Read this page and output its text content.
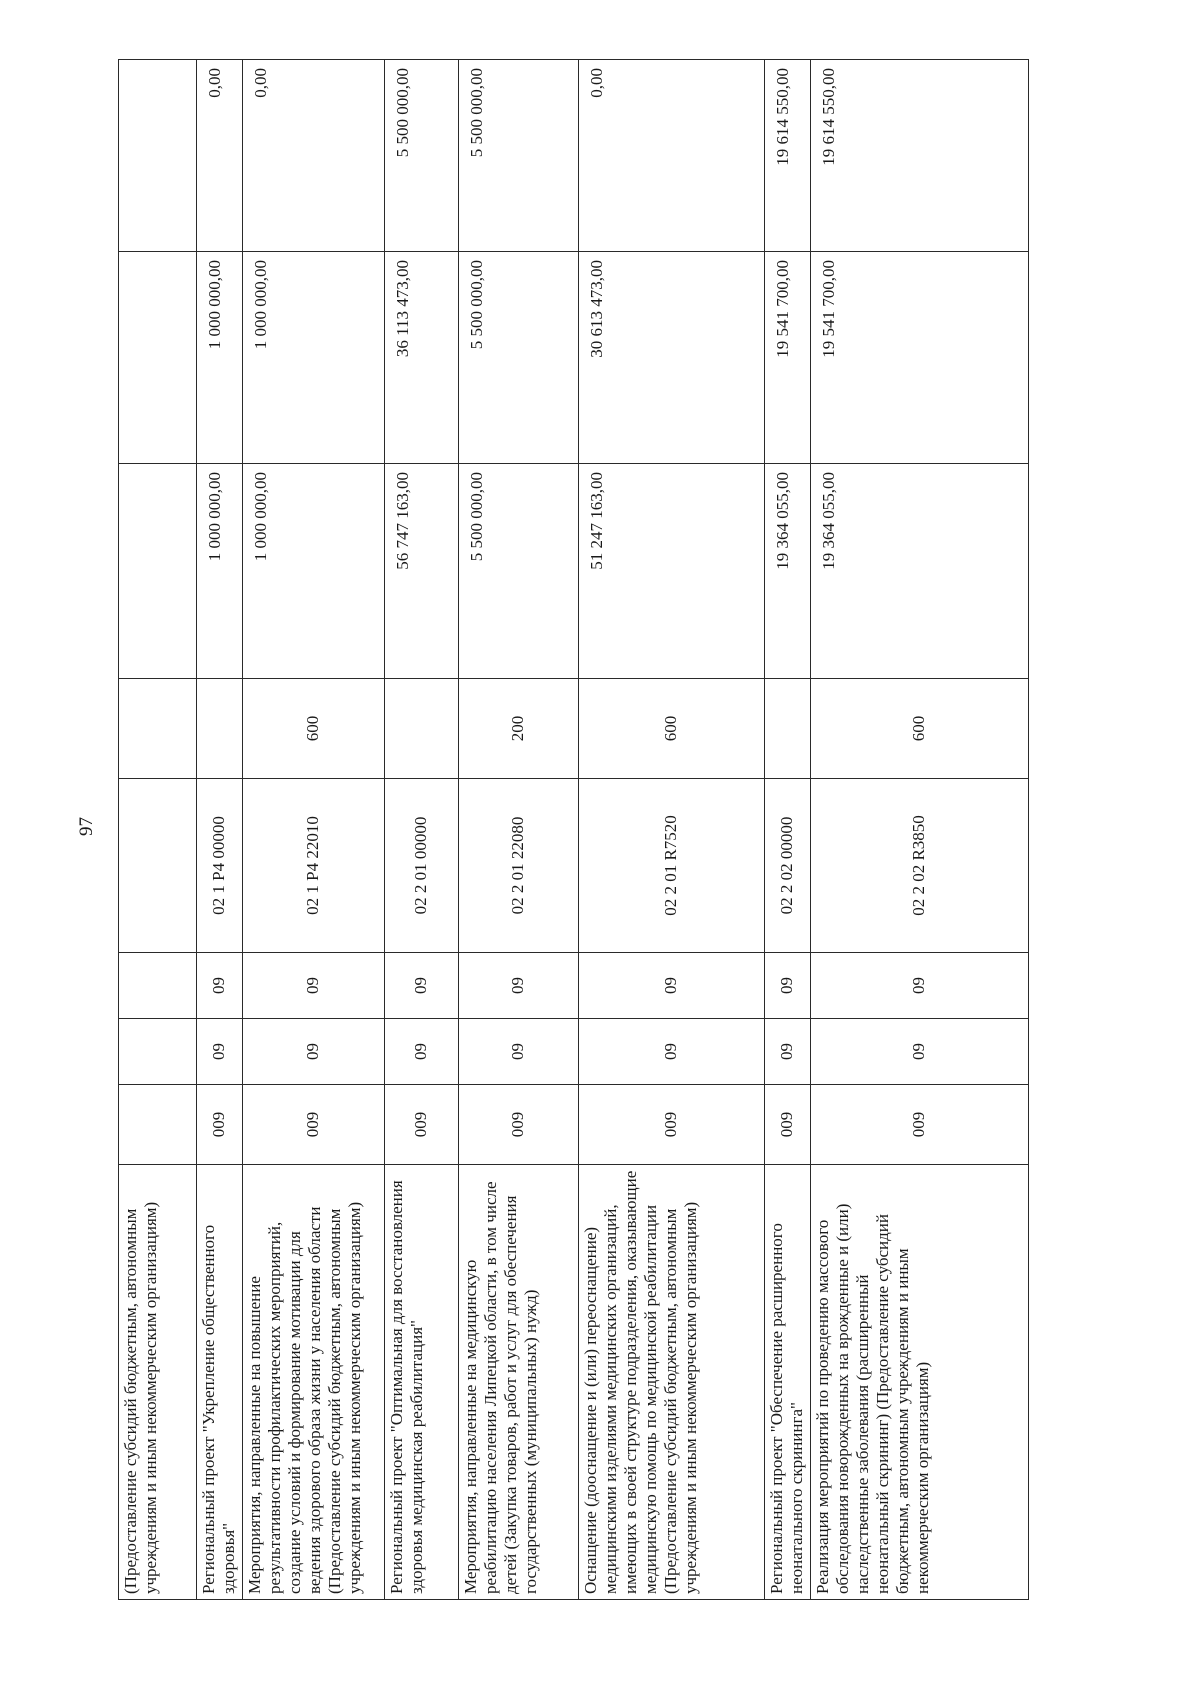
97
(Предоставление субсидий бюджетным, автономным учреждениям и иным некоммерческим организациям)								
Региональный проект "Укрепление общественного здоровья"	009	09	09	02 1 P4 00000		1 000 000,00	1 000 000,00	0,00
Мероприятия, направленные на повышение результативности профилактических мероприятий, создание условий и формирование мотивации для ведения здорового образа жизни у населения области (Предоставление субсидий бюджетным, автономным учреждениям и иным некоммерческим организациям)	009	09	09	02 1 P4 22010	600	1 000 000,00	1 000 000,00	0,00
Региональный проект "Оптимальная для восстановления здоровья медицинская реабилитация"	009	09	09	02 2 01 00000		56 747 163,00	36 113 473,00	5 500 000,00
Мероприятия, направленные на медицинскую реабилитацию населения Липецкой области, в том числе детей (Закупка товаров, работ и услуг для обеспечения государственных (муниципальных) нужд)	009	09	09	02 2 01 22080	200	5 500 000,00	5 500 000,00	5 500 000,00
Оснащение (дооснащение и (или) переоснащение) медицинскими изделиями медицинских организаций, имеющих в своей структуре подразделения, оказывающие медицинскую помощь по медицинской реабилитации (Предоставление субсидий бюджетным, автономным учреждениям и иным некоммерческим организациям)	009	09	09	02 2 01 R7520	600	51 247 163,00	30 613 473,00	0,00
Региональный проект "Обеспечение расширенного неонатального скрининга"	009	09	09	02 2 02 00000		19 364 055,00	19 541 700,00	19 614 550,00
Реализация мероприятий по проведению массового обследования новорожденных на врожденные и (или) наследственные заболевания (расширенный неонатальный скрининг) (Предоставление субсидий бюджетным, автономным учреждениям и иным некоммерческим организациям)	009	09	09	02 2 02 R3850	600	19 364 055,00	19 541 700,00	19 614 550,00
